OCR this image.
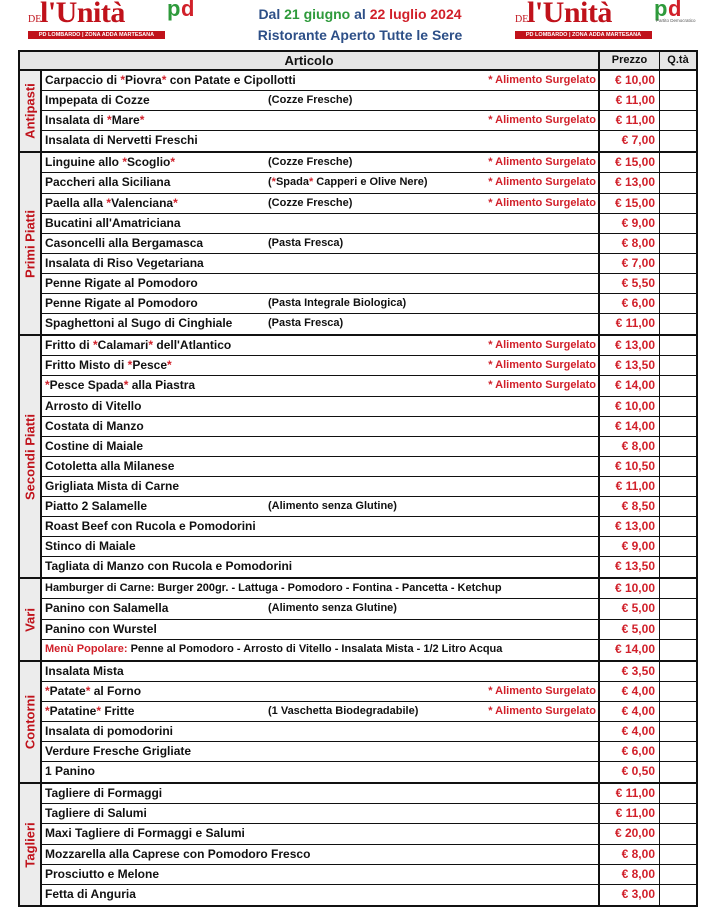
DE
l'Unità
PD LOMBARDO | ZONA ADDA MARTESANA
p d	Dal 21 giugno al 22 luglio 2024
Ristorante Aperto Tutte le Sere
DE
l'Unità
PD LOMBARDO | ZONA ADDA MARTESANA
p d
Partito Democratico
Articolo	Prezzo	Q.tà
Antipasti
Carpaccio di *Piovra* con Patate e Cipollotti	* Alimento Surgelato	€ 10,00
Impepata di Cozze	(Cozze Fresche)	€ 11,00
Insalata di *Mare*	* Alimento Surgelato	€ 11,00
Insalata di Nervetti Freschi	€ 7,00
Primi Piatti
Linguine allo *Scoglio*	(Cozze Fresche)	* Alimento Surgelato	€ 15,00
Paccheri alla Siciliana	(*Spada* Capperi e Olive Nere)	* Alimento Surgelato	€ 13,00
Paella alla *Valenciana*	(Cozze Fresche)	* Alimento Surgelato	€ 15,00
Bucatini all'Amatriciana	€ 9,00
Casoncelli alla Bergamasca	(Pasta Fresca)	€ 8,00
Insalata di Riso Vegetariana	€ 7,00
Penne Rigate al Pomodoro	€ 5,50
Penne Rigate al Pomodoro	(Pasta Integrale Biologica)	€ 6,00
Spaghettoni al Sugo di Cinghiale	(Pasta Fresca)	€ 11,00
Secondi Piatti
Fritto di *Calamari* dell'Atlantico	* Alimento Surgelato	€ 13,00
Fritto Misto di *Pesce*	* Alimento Surgelato	€ 13,50
*Pesce Spada* alla Piastra	* Alimento Surgelato	€ 14,00
Arrosto di Vitello	€ 10,00
Costata di Manzo	€ 14,00
Costine di Maiale	€ 8,00
Cotoletta alla Milanese	€ 10,50
Grigliata Mista di Carne	€ 11,00
Piatto 2 Salamelle	(Alimento senza Glutine)	€ 8,50
Roast Beef con Rucola e Pomodorini	€ 13,00
Stinco di Maiale	€ 9,00
Tagliata di Manzo con Rucola e Pomodorini	€ 13,50
Vari
Hamburger di Carne: Burger 200gr. - Lattuga - Pomodoro - Fontina - Pancetta - Ketchup	€ 10,00
Panino con Salamella	(Alimento senza Glutine)	€ 5,00
Panino con Wurstel	€ 5,00
Menù Popolare: Penne al Pomodoro - Arrosto di Vitello - Insalata Mista - 1/2 Litro Acqua	€ 14,00
Contorni
Insalata Mista	€ 3,50
*Patate* al Forno	* Alimento Surgelato	€ 4,00
*Patatine* Fritte	(1 Vaschetta Biodegradabile)	* Alimento Surgelato	€ 4,00
Insalata di pomodorini	€ 4,00
Verdure Fresche Grigliate	€ 6,00
1 Panino	€ 0,50
Taglieri
Tagliere di Formaggi	€ 11,00
Tagliere di Salumi	€ 11,00
Maxi Tagliere di Formaggi e Salumi	€ 20,00
Mozzarella alla Caprese con Pomodoro Fresco	€ 8,00
Prosciutto e Melone	€ 8,00
Fetta di Anguria	€ 3,00
